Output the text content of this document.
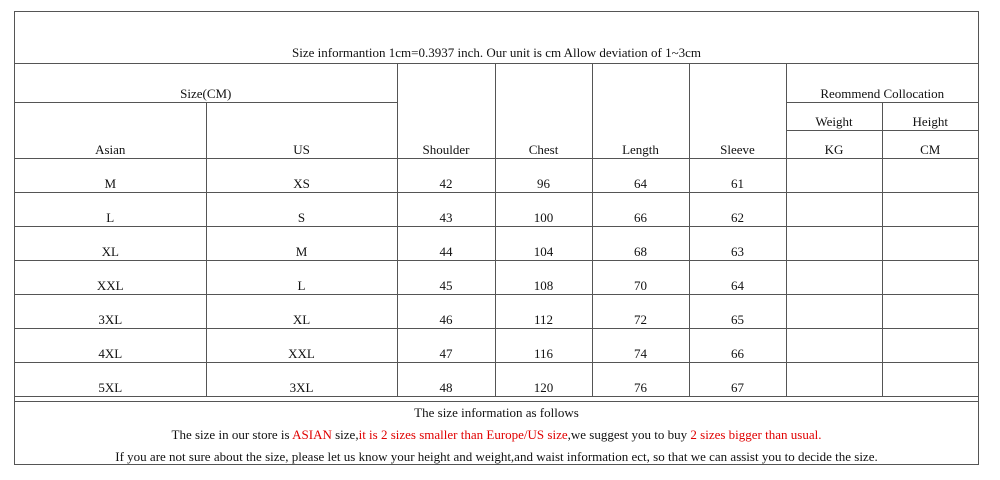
Size informantion 1cm=0.3937 inch. Our unit is cm Allow deviation of 1~3cm
Size(CM)		Shoulder	Chest	Length	Sleeve	Reommend Collocation	
Asian	US					Weight	Height
						KG	CM
M	XS	42	96	64	61		
L	S	43	100	66	62		
XL	M	44	104	68	63		
XXL	L	45	108	70	64		
3XL	XL	46	112	72	65		
4XL	XXL	47	116	74	66		
5XL	3XL	48	120	76	67		
The size information as follows
The size in our store is ASIAN size,it is 2 sizes smaller than Europe/US size,we suggest you to buy 2 sizes bigger than usual.
If you are not sure about the size, please let us know your height and weight,and waist information ect, so that we can assist you to decide the size.
